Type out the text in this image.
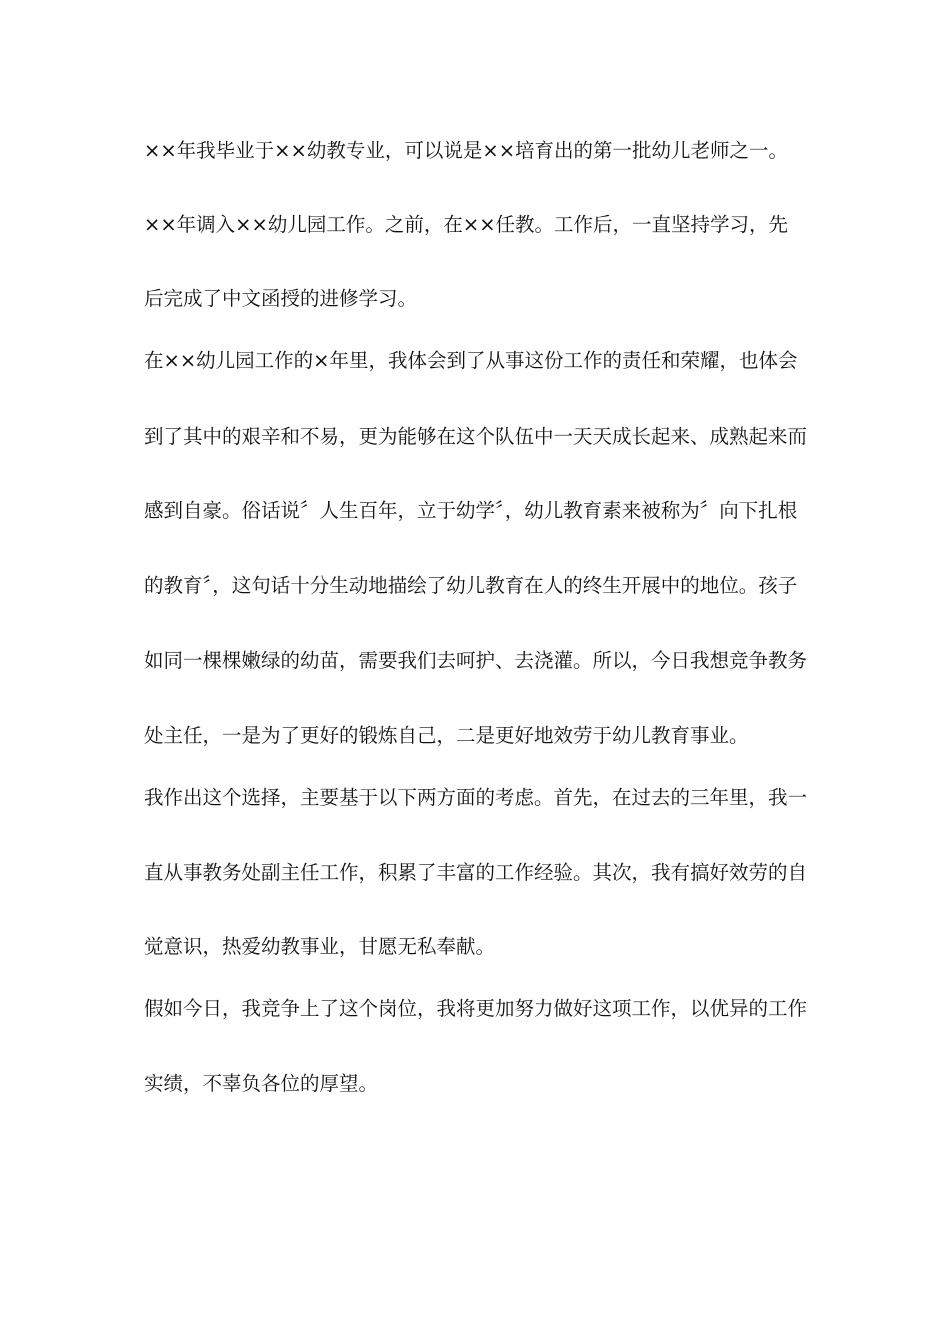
××年我毕业于××幼教专业，可以说是××培育出的第一批幼儿老师之一。
××年调入××幼儿园工作。之前，在××任教。工作后，一直坚持学习，先
后完成了中文函授的进修学习。
在××幼儿园工作的×年里，我体会到了从事这份工作的责任和荣耀，也体会
到了其中的艰辛和不易，更为能够在这个队伍中一天天成长起来、成熟起来而
感到自豪。俗话说〞人生百年，立于幼学〞，幼儿教育素来被称为〞向下扎根
的教育〞，这句话十分生动地描绘了幼儿教育在人的终生开展中的地位。孩子
如同一棵棵嫩绿的幼苗，需要我们去呵护、去浇灌。所以，今日我想竞争教务
处主任，一是为了更好的锻炼自己，二是更好地效劳于幼儿教育事业。
我作出这个选择，主要基于以下两方面的考虑。首先，在过去的三年里，我一
直从事教务处副主任工作，积累了丰富的工作经验。其次，我有搞好效劳的自
觉意识，热爱幼教事业，甘愿无私奉献。
假如今日，我竞争上了这个岗位，我将更加努力做好这项工作，以优异的工作
实绩，不辜负各位的厚望。
